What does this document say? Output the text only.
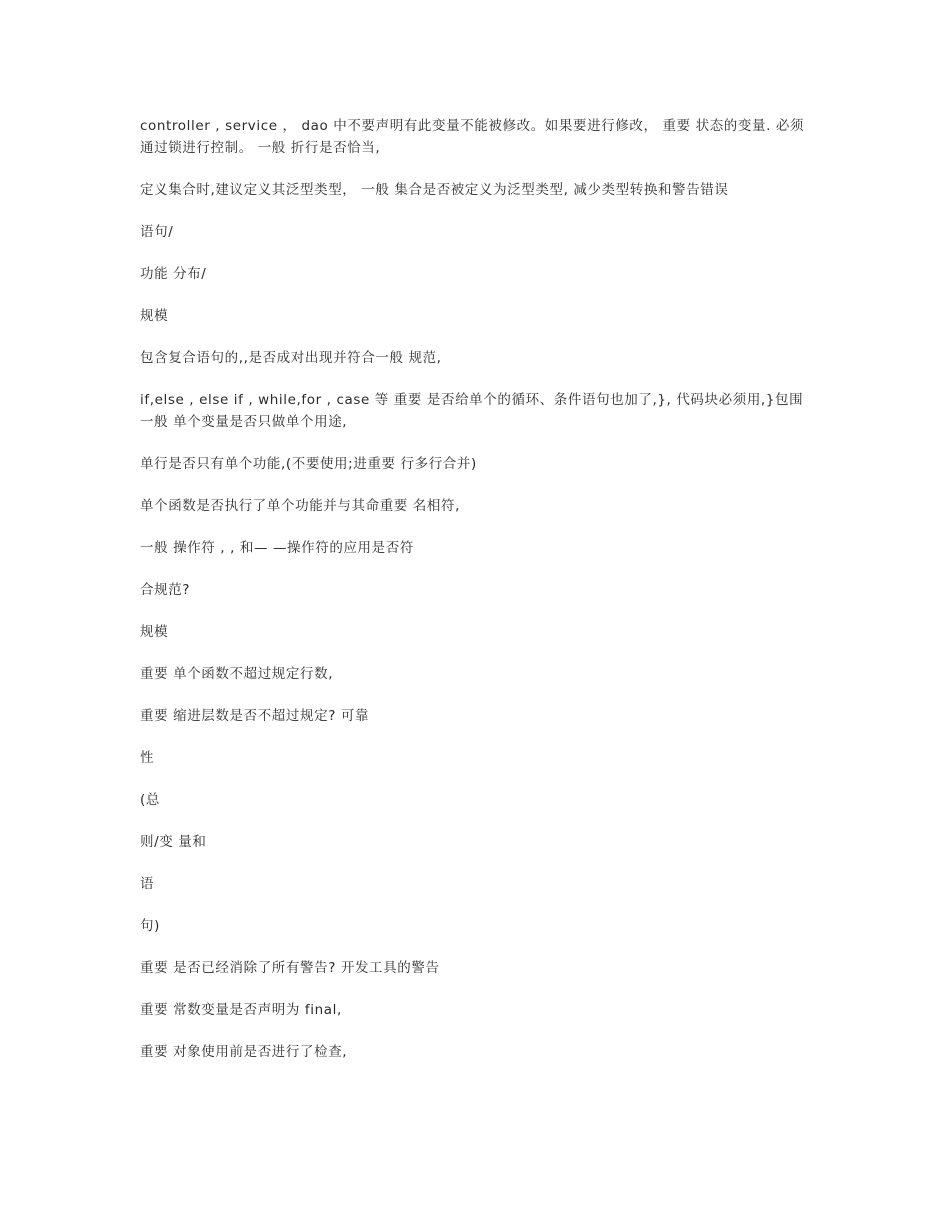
controller , service ， dao 中不要声明有此变量不能被修改。如果要进行修改， 重要 状态的变量. 必须通过锁进行控制。 一般 折行是否恰当,

定义集合时,建议定义其泛型类型， 一般 集合是否被定义为泛型类型, 减少类型转换和警告错误

语句/

功能 分布/

规模

包含复合语句的,,是否成对出现并符合一般 规范,

if,else , else if , while,for , case 等 重要 是否给单个的循环、条件语句也加了,}, 代码块必须用,}包围 一般 单个变量是否只做单个用途,

单行是否只有单个功能,(不要使用;进重要 行多行合并)

单个函数是否执行了单个功能并与其命重要 名相符,

一般 操作符 , , 和— —操作符的应用是否符

合规范?

规模

重要 单个函数不超过规定行数,

重要 缩进层数是否不超过规定? 可靠

性

(总

则/变 量和

语

句)

重要 是否已经消除了所有警告? 开发工具的警告

重要 常数变量是否声明为 final,

重要 对象使用前是否进行了检查,
